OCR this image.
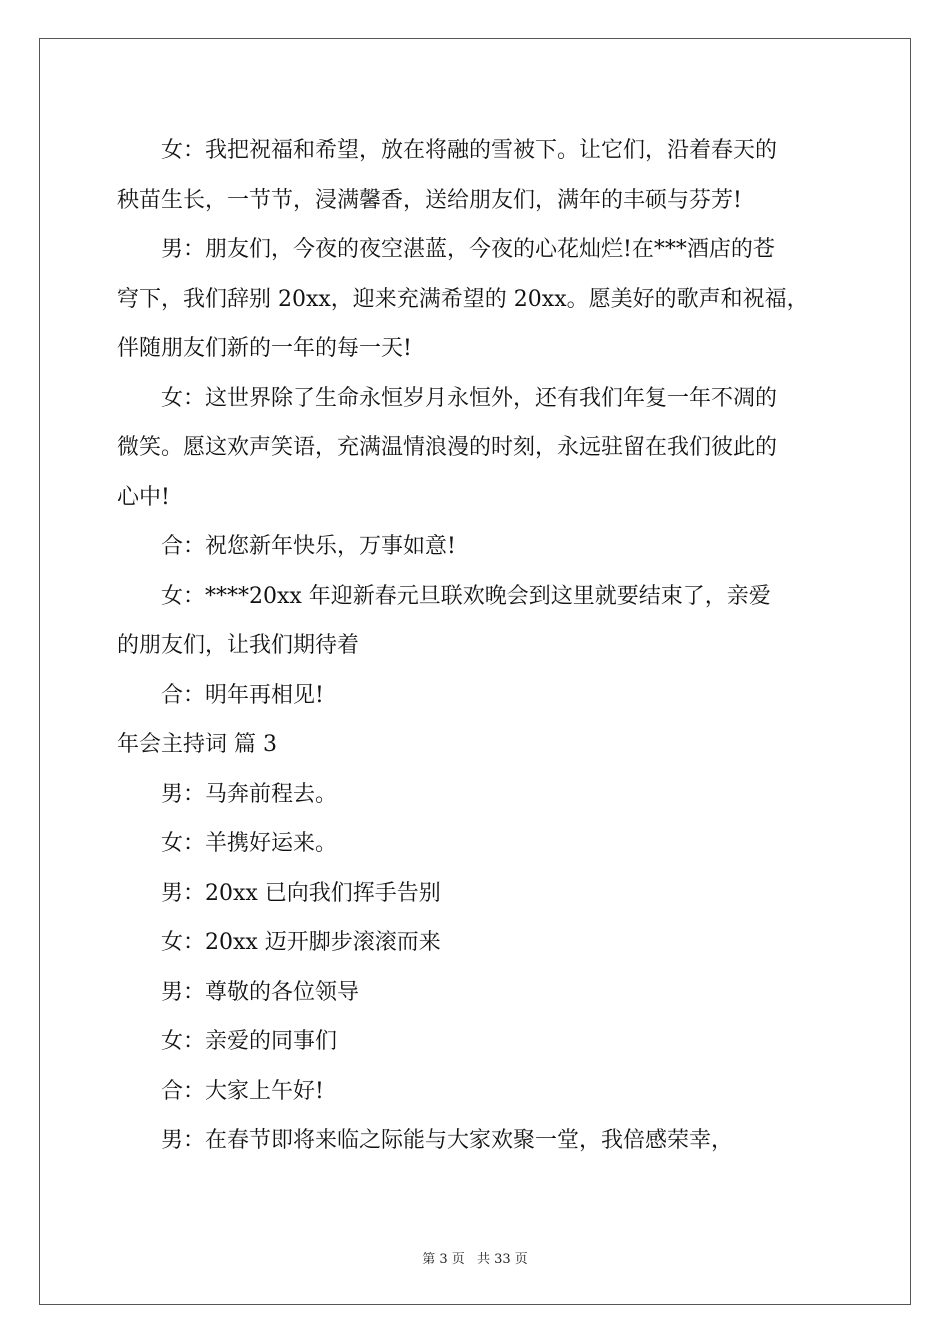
女：我把祝福和希望，放在将融的雪被下。让它们，沿着春天的

秧苗生长，一节节，浸满馨香，送给朋友们，满年的丰硕与芬芳!

男：朋友们，今夜的夜空湛蓝，今夜的心花灿烂!在***酒店的苍

穹下，我们辞别 20xx，迎来充满希望的 20xx。愿美好的歌声和祝福，

伴随朋友们新的一年的每一天!

女：这世界除了生命永恒岁月永恒外，还有我们年复一年不凋的

微笑。愿这欢声笑语，充满温情浪漫的时刻，永远驻留在我们彼此的

心中!

合：祝您新年快乐，万事如意!

女：****20xx 年迎新春元旦联欢晚会到这里就要结束了，亲爱

的朋友们，让我们期待着

合：明年再相见!

年会主持词 篇 3

男：马奔前程去。

女：羊携好运来。

男：20xx 已向我们挥手告别

女：20xx 迈开脚步滚滚而来

男：尊敬的各位领导

女：亲爱的同事们

合：大家上午好!

男：在春节即将来临之际能与大家欢聚一堂，我倍感荣幸，

第 3 页 共 33 页
